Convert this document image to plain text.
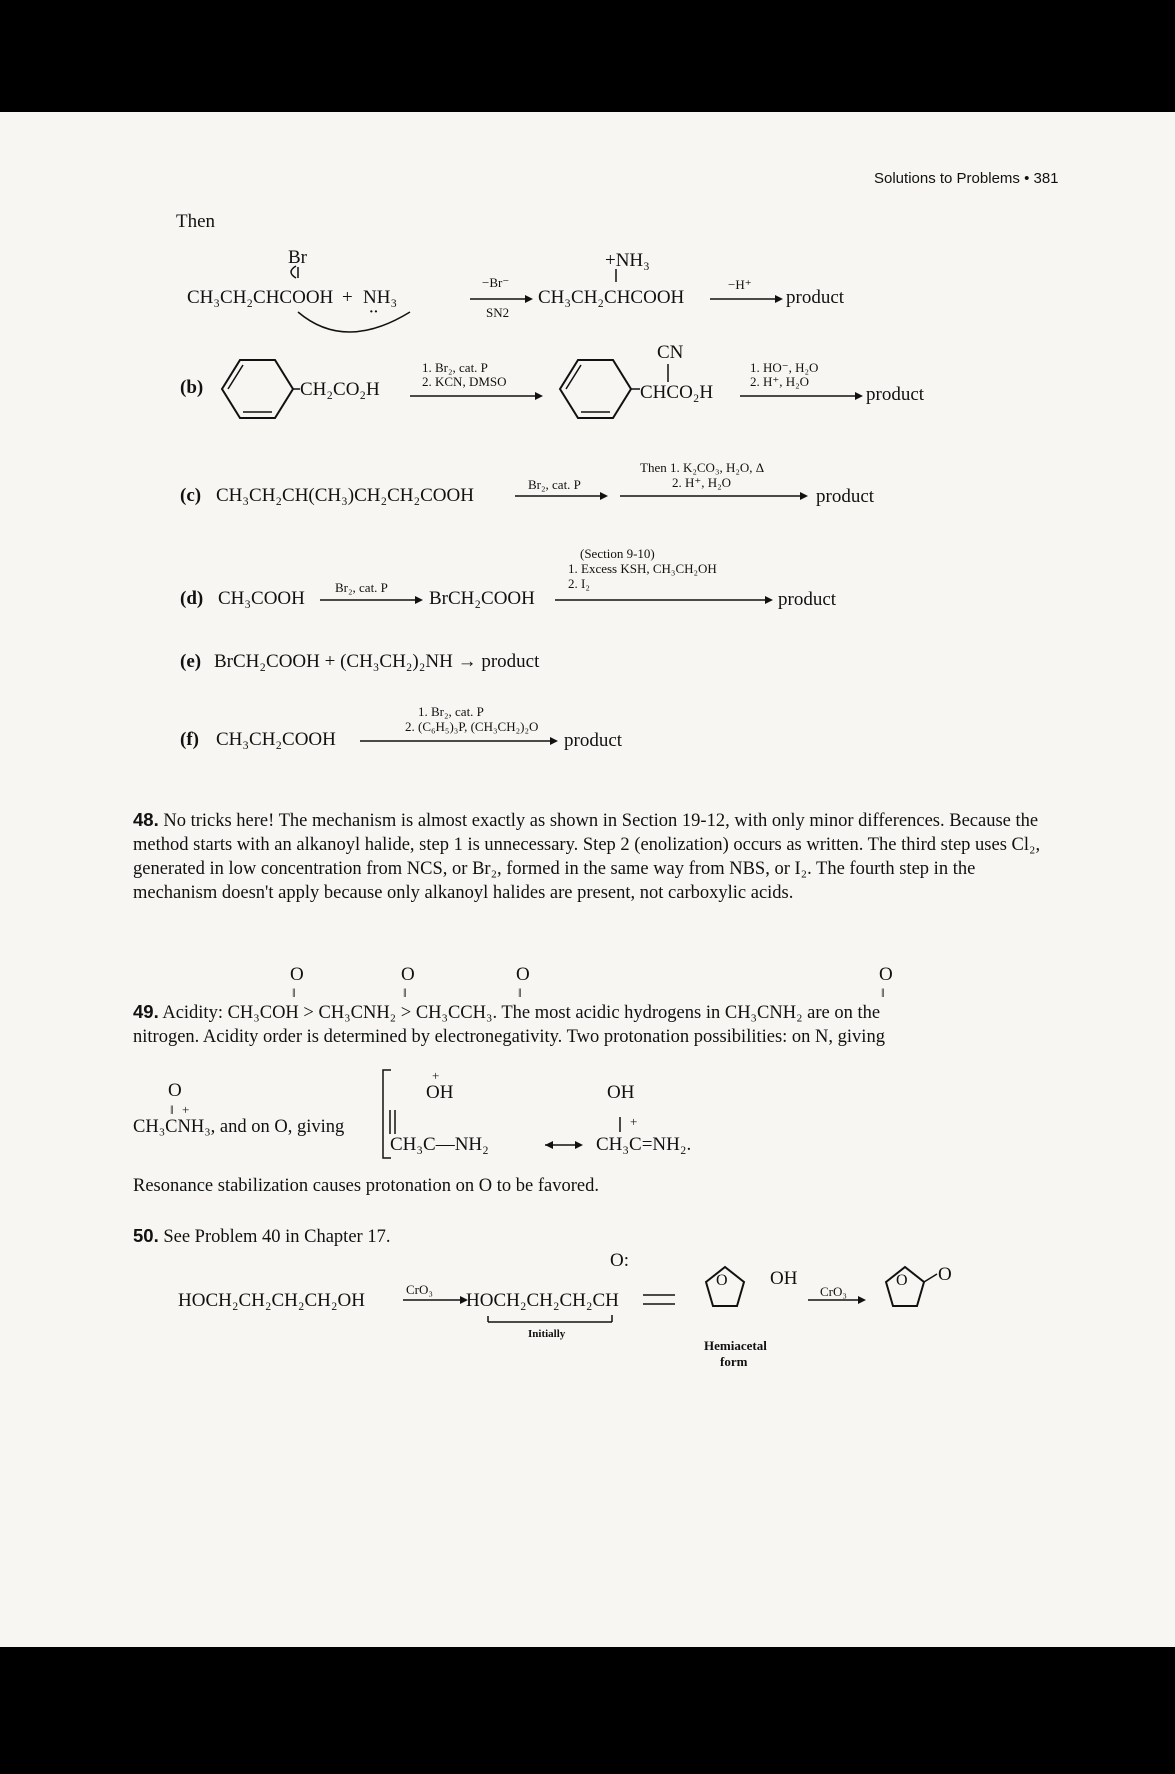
Solutions to Problems • 381
Then
Br
CH₃CH₂CHCOOH + NH₃
··
−Br⁻
SN2
+NH₃
CH₃CH₂CHCOOH
−H⁺
product
(b)	CH₂CO₂H
1. Br₂, cat. P
2. KCN, DMSO
CN
CHCO₂H
1. HO⁻, H₂O
2. H⁺, H₂O
product
(c) CH₃CH₂CH(CH₃)CH₂CH₂COOH
Br₂, cat. P
Then 1. K₂CO₃, H₂O, Δ
2. H⁺, H₂O
product
(d) CH₃COOH
Br₂, cat. P
BrCH₂COOH
(Section 9-10)
1. Excess KSH, CH₃CH₂OH
2. I₂
product
(e) BrCH₂COOH + (CH₃CH₂)₂NH → product
(f) CH₃CH₂COOH
1. Br₂, cat. P
2. (C₆H₅)₃P, (CH₃CH₂)₂O
product
48. No tricks here! The mechanism is almost exactly as shown in Section 19-12, with only minor differences. Because the method starts with an alkanoyl halide, step 1 is unnecessary. Step 2 (enolization) occurs as written. The third step uses Cl₂, generated in low concentration from NCS, or Br₂, formed in the same way from NBS, or I₂. The fourth step in the mechanism doesn't apply because only alkanoyl halides are present, not carboxylic acids.
O	O	O	O
‖	‖	‖	‖
49. Acidity: CH₃COH > CH₃CNH₂ > CH₃CCH₃. The most acidic hydrogens in CH₃CNH₂ are on the
nitrogen. Acidity order is determined by electronegativity. Two protonation possibilities: on N, giving
O
‖ +
CH₃CNH₃, and on O, giving
+
OH
CH₃C—NH₂
OH
+
CH₃C=NH₂.
Resonance stabilization causes protonation on O to be favored.
50. See Problem 40 in Chapter 17.
HOCH₂CH₂CH₂CH₂OH
CrO₃
HOCH₂CH₂CH₂CH
O:
Initially
O OH
Hemiacetal
form
CrO₃
O O
